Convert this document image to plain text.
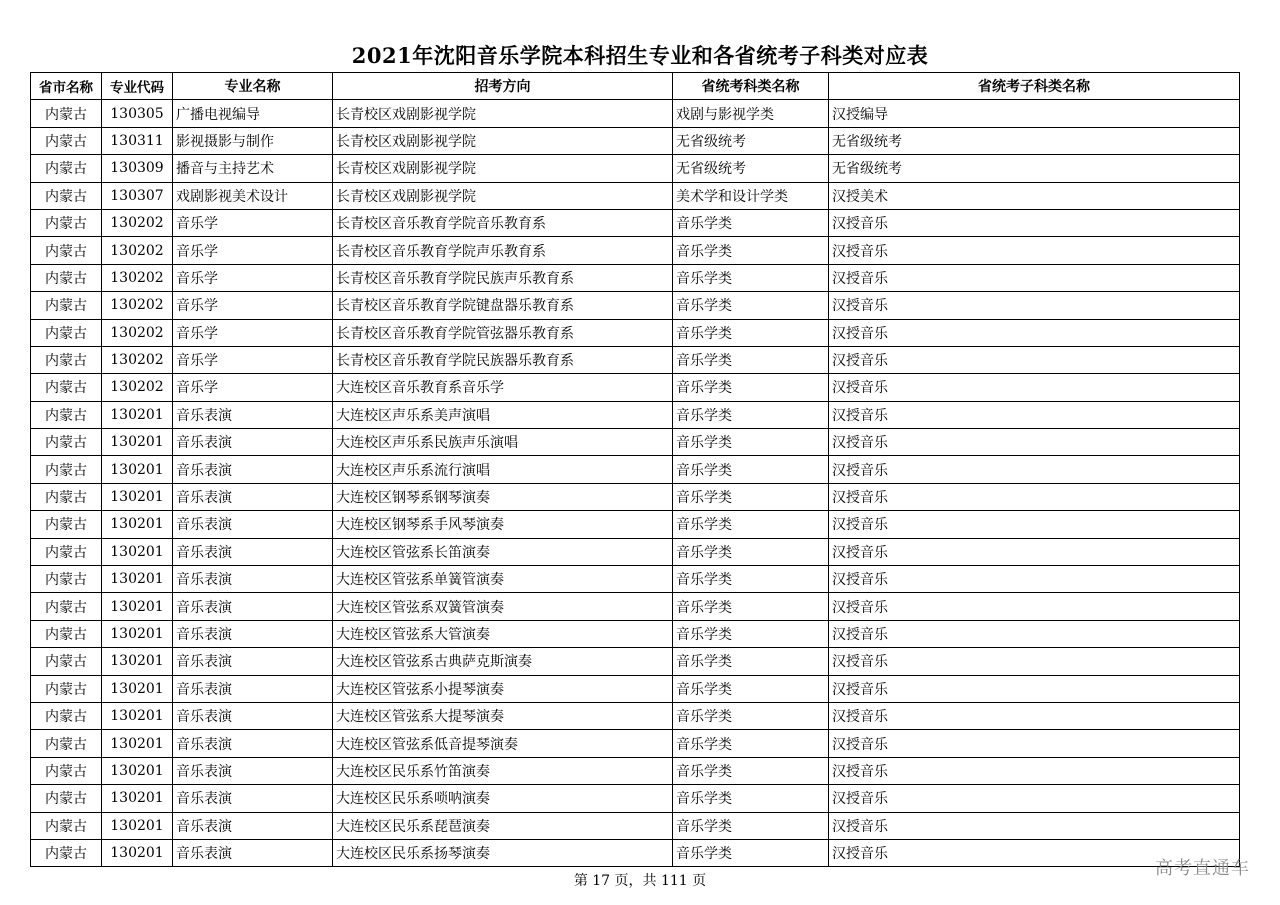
2021年沈阳音乐学院本科招生专业和各省统考子科类对应表
省市名称	专业代码	专业名称	招考方向	省统考科类名称	省统考子科类名称
内蒙古	130305	广播电视编导	长青校区戏剧影视学院	戏剧与影视学类	汉授编导
内蒙古	130311	影视摄影与制作	长青校区戏剧影视学院	无省级统考	无省级统考
内蒙古	130309	播音与主持艺术	长青校区戏剧影视学院	无省级统考	无省级统考
内蒙古	130307	戏剧影视美术设计	长青校区戏剧影视学院	美术学和设计学类	汉授美术
内蒙古	130202	音乐学	长青校区音乐教育学院音乐教育系	音乐学类	汉授音乐
内蒙古	130202	音乐学	长青校区音乐教育学院声乐教育系	音乐学类	汉授音乐
内蒙古	130202	音乐学	长青校区音乐教育学院民族声乐教育系	音乐学类	汉授音乐
内蒙古	130202	音乐学	长青校区音乐教育学院键盘器乐教育系	音乐学类	汉授音乐
内蒙古	130202	音乐学	长青校区音乐教育学院管弦器乐教育系	音乐学类	汉授音乐
内蒙古	130202	音乐学	长青校区音乐教育学院民族器乐教育系	音乐学类	汉授音乐
内蒙古	130202	音乐学	大连校区音乐教育系音乐学	音乐学类	汉授音乐
内蒙古	130201	音乐表演	大连校区声乐系美声演唱	音乐学类	汉授音乐
内蒙古	130201	音乐表演	大连校区声乐系民族声乐演唱	音乐学类	汉授音乐
内蒙古	130201	音乐表演	大连校区声乐系流行演唱	音乐学类	汉授音乐
内蒙古	130201	音乐表演	大连校区钢琴系钢琴演奏	音乐学类	汉授音乐
内蒙古	130201	音乐表演	大连校区钢琴系手风琴演奏	音乐学类	汉授音乐
内蒙古	130201	音乐表演	大连校区管弦系长笛演奏	音乐学类	汉授音乐
内蒙古	130201	音乐表演	大连校区管弦系单簧管演奏	音乐学类	汉授音乐
内蒙古	130201	音乐表演	大连校区管弦系双簧管演奏	音乐学类	汉授音乐
内蒙古	130201	音乐表演	大连校区管弦系大管演奏	音乐学类	汉授音乐
内蒙古	130201	音乐表演	大连校区管弦系古典萨克斯演奏	音乐学类	汉授音乐
内蒙古	130201	音乐表演	大连校区管弦系小提琴演奏	音乐学类	汉授音乐
内蒙古	130201	音乐表演	大连校区管弦系大提琴演奏	音乐学类	汉授音乐
内蒙古	130201	音乐表演	大连校区管弦系低音提琴演奏	音乐学类	汉授音乐
内蒙古	130201	音乐表演	大连校区民乐系竹笛演奏	音乐学类	汉授音乐
内蒙古	130201	音乐表演	大连校区民乐系唢呐演奏	音乐学类	汉授音乐
内蒙古	130201	音乐表演	大连校区民乐系琵琶演奏	音乐学类	汉授音乐
内蒙古	130201	音乐表演	大连校区民乐系扬琴演奏	音乐学类	汉授音乐
第 17 页，共 111 页
高考直通车
